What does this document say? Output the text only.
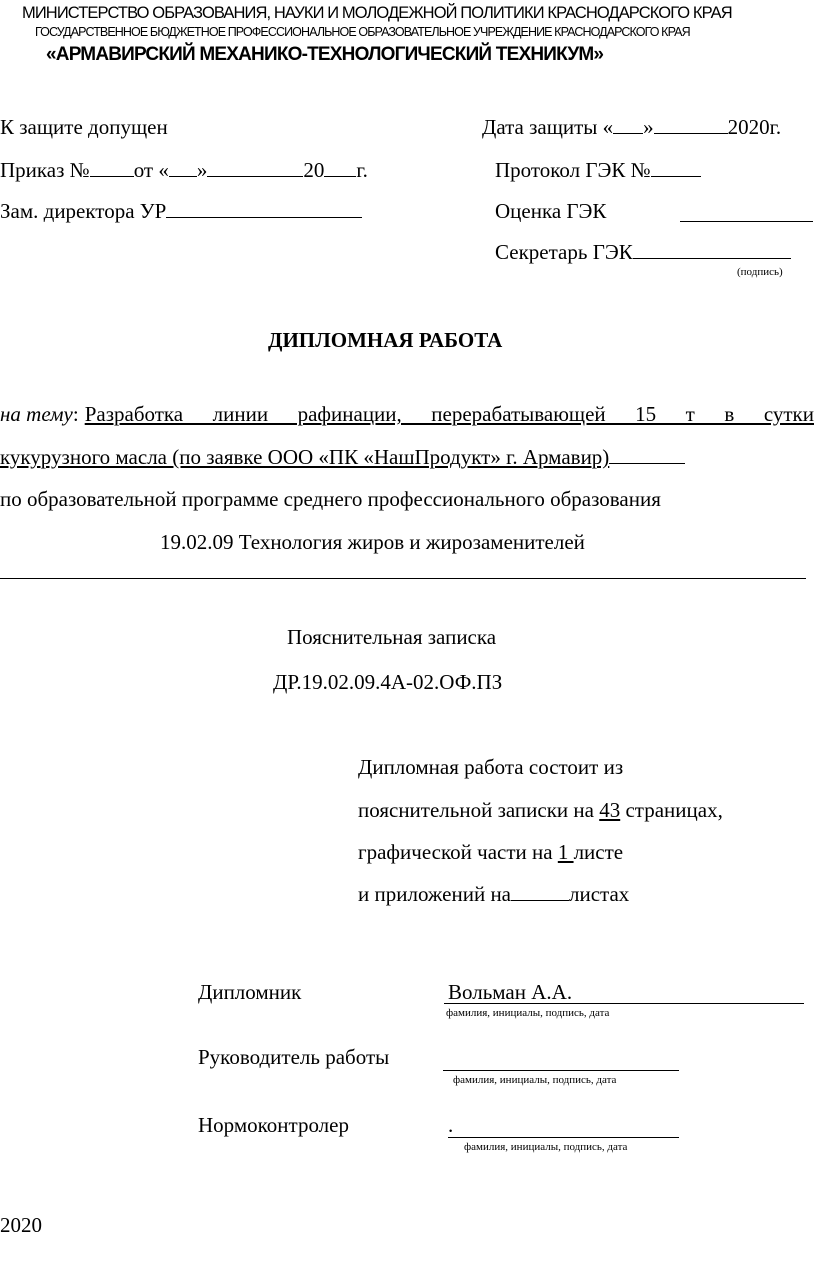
МИНИСТЕРСТВО ОБРАЗОВАНИЯ, НАУКИ И МОЛОДЕЖНОЙ ПОЛИТИКИ КРАСНОДАРСКОГО КРАЯ
ГОСУДАРСТВЕННОЕ БЮДЖЕТНОЕ ПРОФЕССИОНАЛЬНОЕ ОБРАЗОВАТЕЛЬНОЕ УЧРЕЖДЕНИЕ КРАСНОДАРСКОГО КРАЯ
«АРМАВИРСКИЙ МЕХАНИКО-ТЕХНОЛОГИЧЕСКИЙ ТЕХНИКУМ»
К защите допущен
Приказ № от « »	20 г.
Зам. директора УР
Дата защиты « »	2020г.
Протокол ГЭК №
Оценка ГЭК
Секретарь ГЭК
(подпись)
ДИПЛОМНАЯ РАБОТА
на тему: Разработка линии рафинации, перерабатывающей 15 т в сутки
кукурузного масла (по заявке ООО «ПК «НашПродукт» г. Армавир)
по образовательной программе среднего профессионального образования
19.02.09 Технология жиров и жирозаменителей
Пояснительная записка
ДР.19.02.09.4А-02.ОФ.ПЗ
Дипломная работа состоит из
пояснительной записки на 43 страницах,
графической части на 1 листе
и приложений на	листах
Дипломник	Вольман А.А.
фамилия, инициалы, подпись, дата
Руководитель работы
фамилия, инициалы, подпись, дата
Нормоконтролер	.
фамилия, инициалы, подпись, дата
2020
